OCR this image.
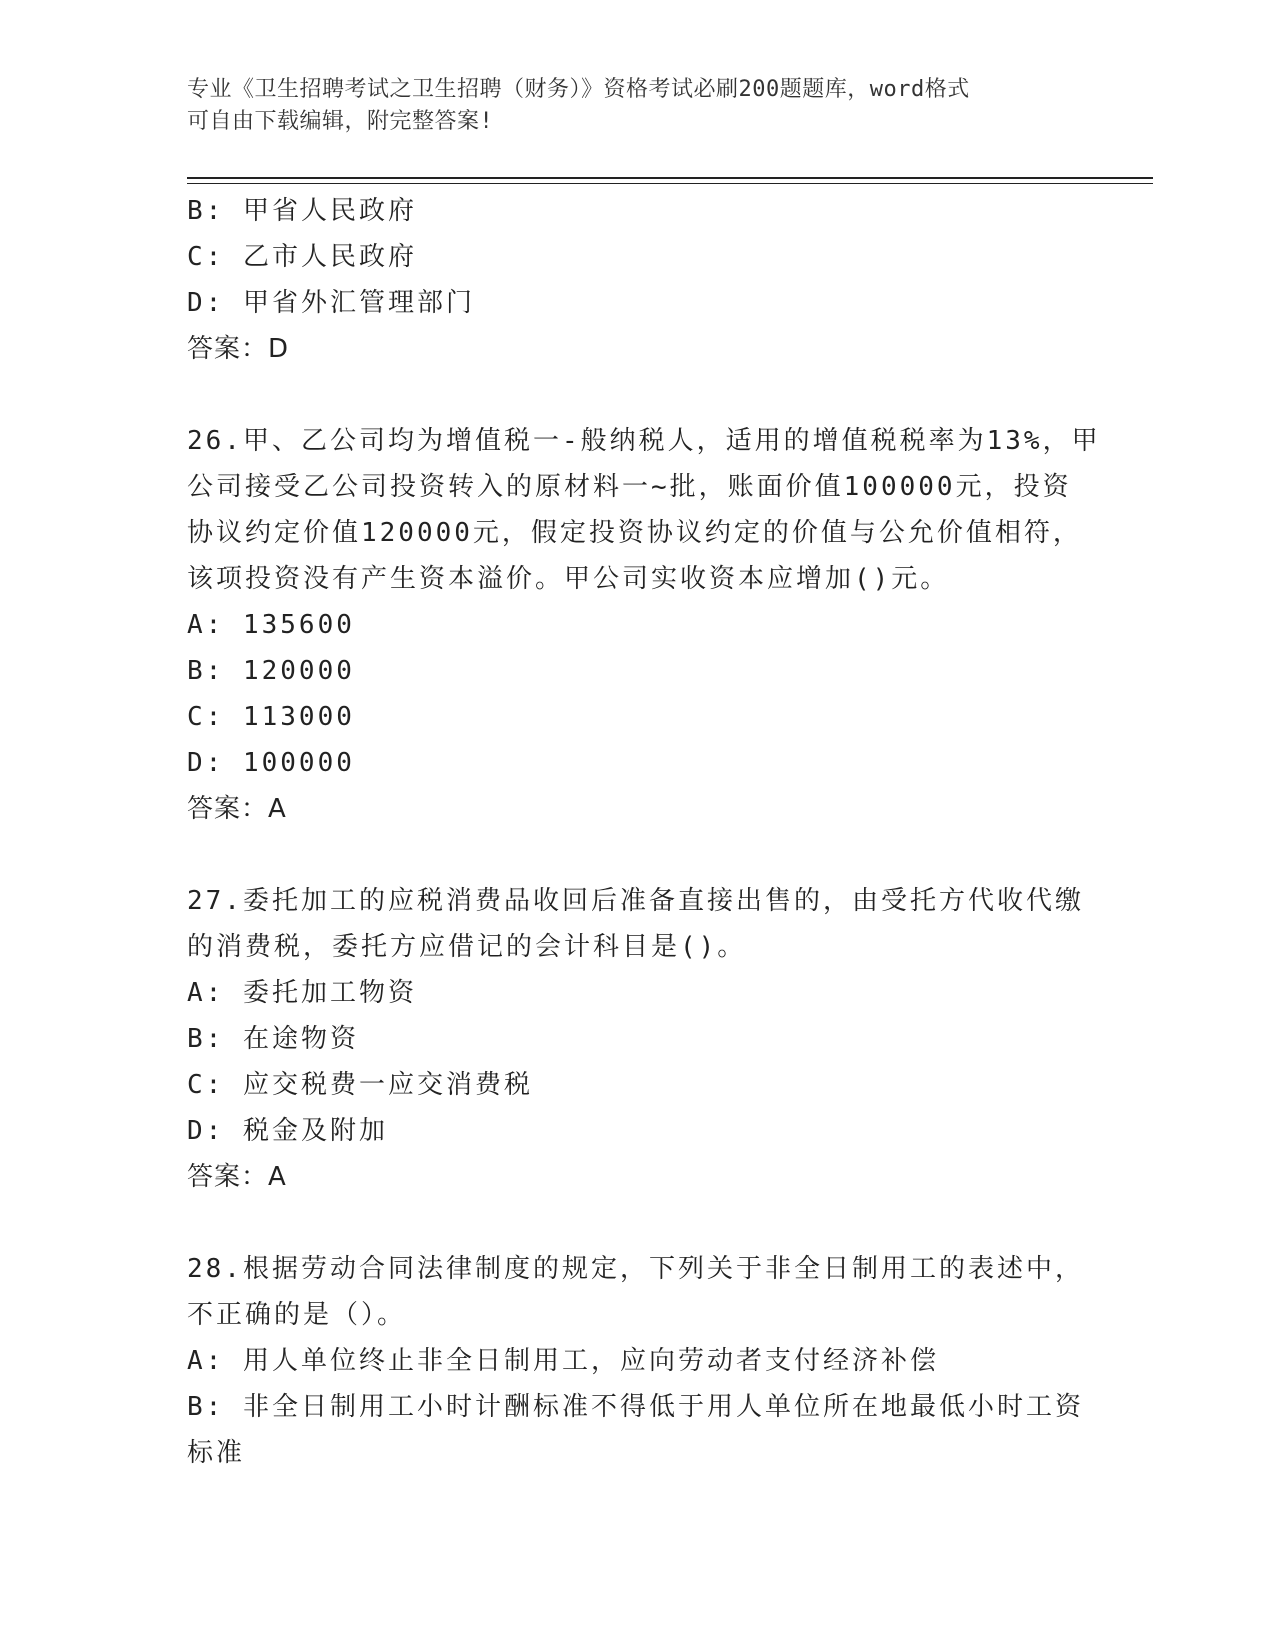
专业《卫生招聘考试之卫生招聘（财务）》资格考试必刷200题题库，word格式
可自由下载编辑，附完整答案!
B: 甲省人民政府
C: 乙市人民政府
D: 甲省外汇管理部门
答案：D
26.甲、乙公司均为增值税一-般纳税人，适用的增值税税率为13%，甲
公司接受乙公司投资转入的原材料一~批，账面价值100000元，投资
协议约定价值120000元，假定投资协议约定的价值与公允价值相符，
该项投资没有产生资本溢价。甲公司实收资本应增加()元。
A: 135600
B: 120000
C: 113000
D: 100000
答案：A
27.委托加工的应税消费品收回后准备直接出售的，由受托方代收代缴
的消费税，委托方应借记的会计科目是()。
A: 委托加工物资
B: 在途物资
C: 应交税费一应交消费税
D: 税金及附加
答案：A
28.根据劳动合同法律制度的规定，下列关于非全日制用工的表述中，
不正确的是（）。
A: 用人单位终止非全日制用工，应向劳动者支付经济补偿
B: 非全日制用工小时计酬标准不得低于用人单位所在地最低小时工资
标准
